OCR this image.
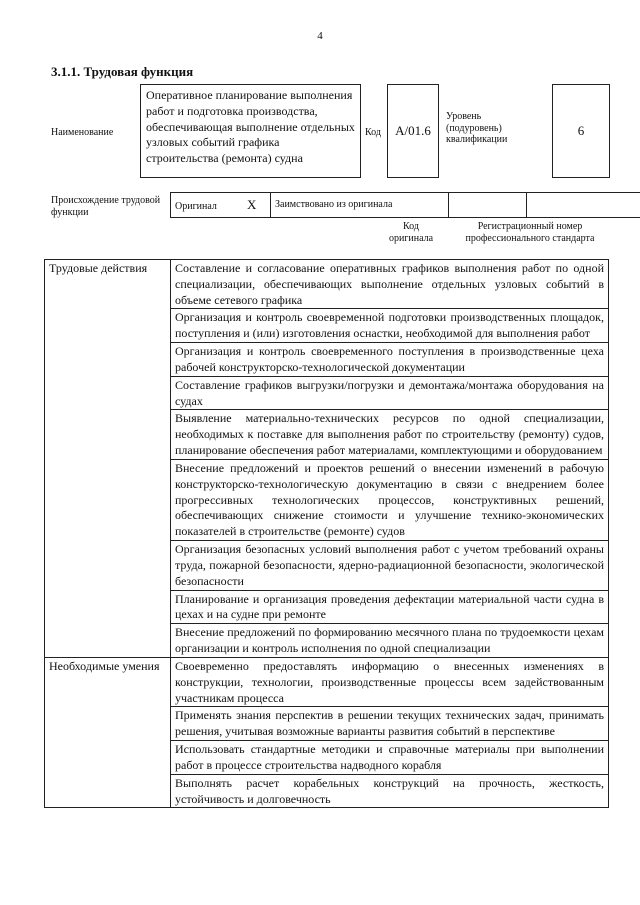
4
3.1.1. Трудовая функция
Наименование
Оперативное планирование выполнения работ и подготовка производства, обеспечивающая выполнение отдельных узловых событий графика строительства (ремонта) судна
Код	A/01.6
Уровень (подуровень) квалификации
6
Происхождение трудовой функции	Оригинал X	Заимствовано из оригинала		
Код оригинала
Регистрационный номер профессионального стандарта
Трудовые действия	Составление и согласование оперативных графиков выполнения работ по одной специализации, обеспечивающих выполнение отдельных узловых событий в объеме сетевого графика
	Организация и контроль своевременной подготовки производственных площадок, поступления и (или) изготовления оснастки, необходимой для выполнения работ
	Организация и контроль своевременного поступления в производственные цеха рабочей конструкторско-технологической документации
	Составление графиков выгрузки/погрузки и демонтажа/монтажа оборудования на судах
	Выявление материально-технических ресурсов по одной специализации, необходимых к поставке для выполнения работ по строительству (ремонту) судов, планирование обеспечения работ материалами, комплектующими и оборудованием
	Внесение предложений и проектов решений о внесении изменений в рабочую конструкторско-технологическую документацию в связи с внедрением более прогрессивных технологических процессов, конструктивных решений, обеспечивающих снижение стоимости и улучшение технико-экономических показателей в строительстве (ремонте) судов
	Организация безопасных условий выполнения работ с учетом требований охраны труда, пожарной безопасности, ядерно-радиационной безопасности, экологической безопасности
	Планирование и организация проведения дефектации материальной части судна в цехах и на судне при ремонте
	Внесение предложений по формированию месячного плана по трудоемкости цехам организации и контроль исполнения по одной специализации
Необходимые умения	Своевременно предоставлять информацию о внесенных изменениях в конструкции, технологии, производственные процессы всем задействованным участникам процесса
	Применять знания перспектив в решении текущих технических задач, принимать решения, учитывая возможные варианты развития событий в перспективе
	Использовать стандартные методики и справочные материалы при выполнении работ в процессе строительства надводного корабля
	Выполнять расчет корабельных конструкций на прочность, жесткость, устойчивость и долговечность
